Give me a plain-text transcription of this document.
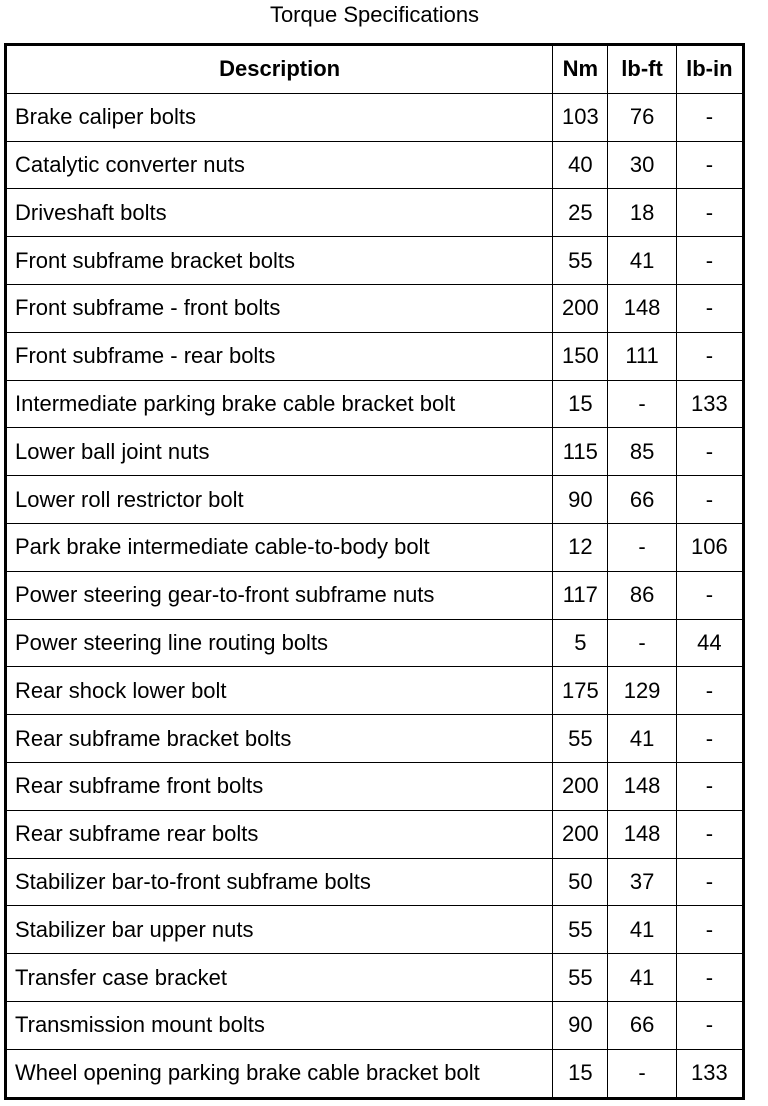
Torque Specifications
Description	Nm	lb-ft	lb-in
Brake caliper bolts	103	76	-
Catalytic converter nuts	40	30	-
Driveshaft bolts	25	18	-
Front subframe bracket bolts	55	41	-
Front subframe - front bolts	200	148	-
Front subframe - rear bolts	150	111	-
Intermediate parking brake cable bracket bolt	15	-	133
Lower ball joint nuts	115	85	-
Lower roll restrictor bolt	90	66	-
Park brake intermediate cable-to-body bolt	12	-	106
Power steering gear-to-front subframe nuts	117	86	-
Power steering line routing bolts	5	-	44
Rear shock lower bolt	175	129	-
Rear subframe bracket bolts	55	41	-
Rear subframe front bolts	200	148	-
Rear subframe rear bolts	200	148	-
Stabilizer bar-to-front subframe bolts	50	37	-
Stabilizer bar upper nuts	55	41	-
Transfer case bracket	55	41	-
Transmission mount bolts	90	66	-
Wheel opening parking brake cable bracket bolt	15	-	133
